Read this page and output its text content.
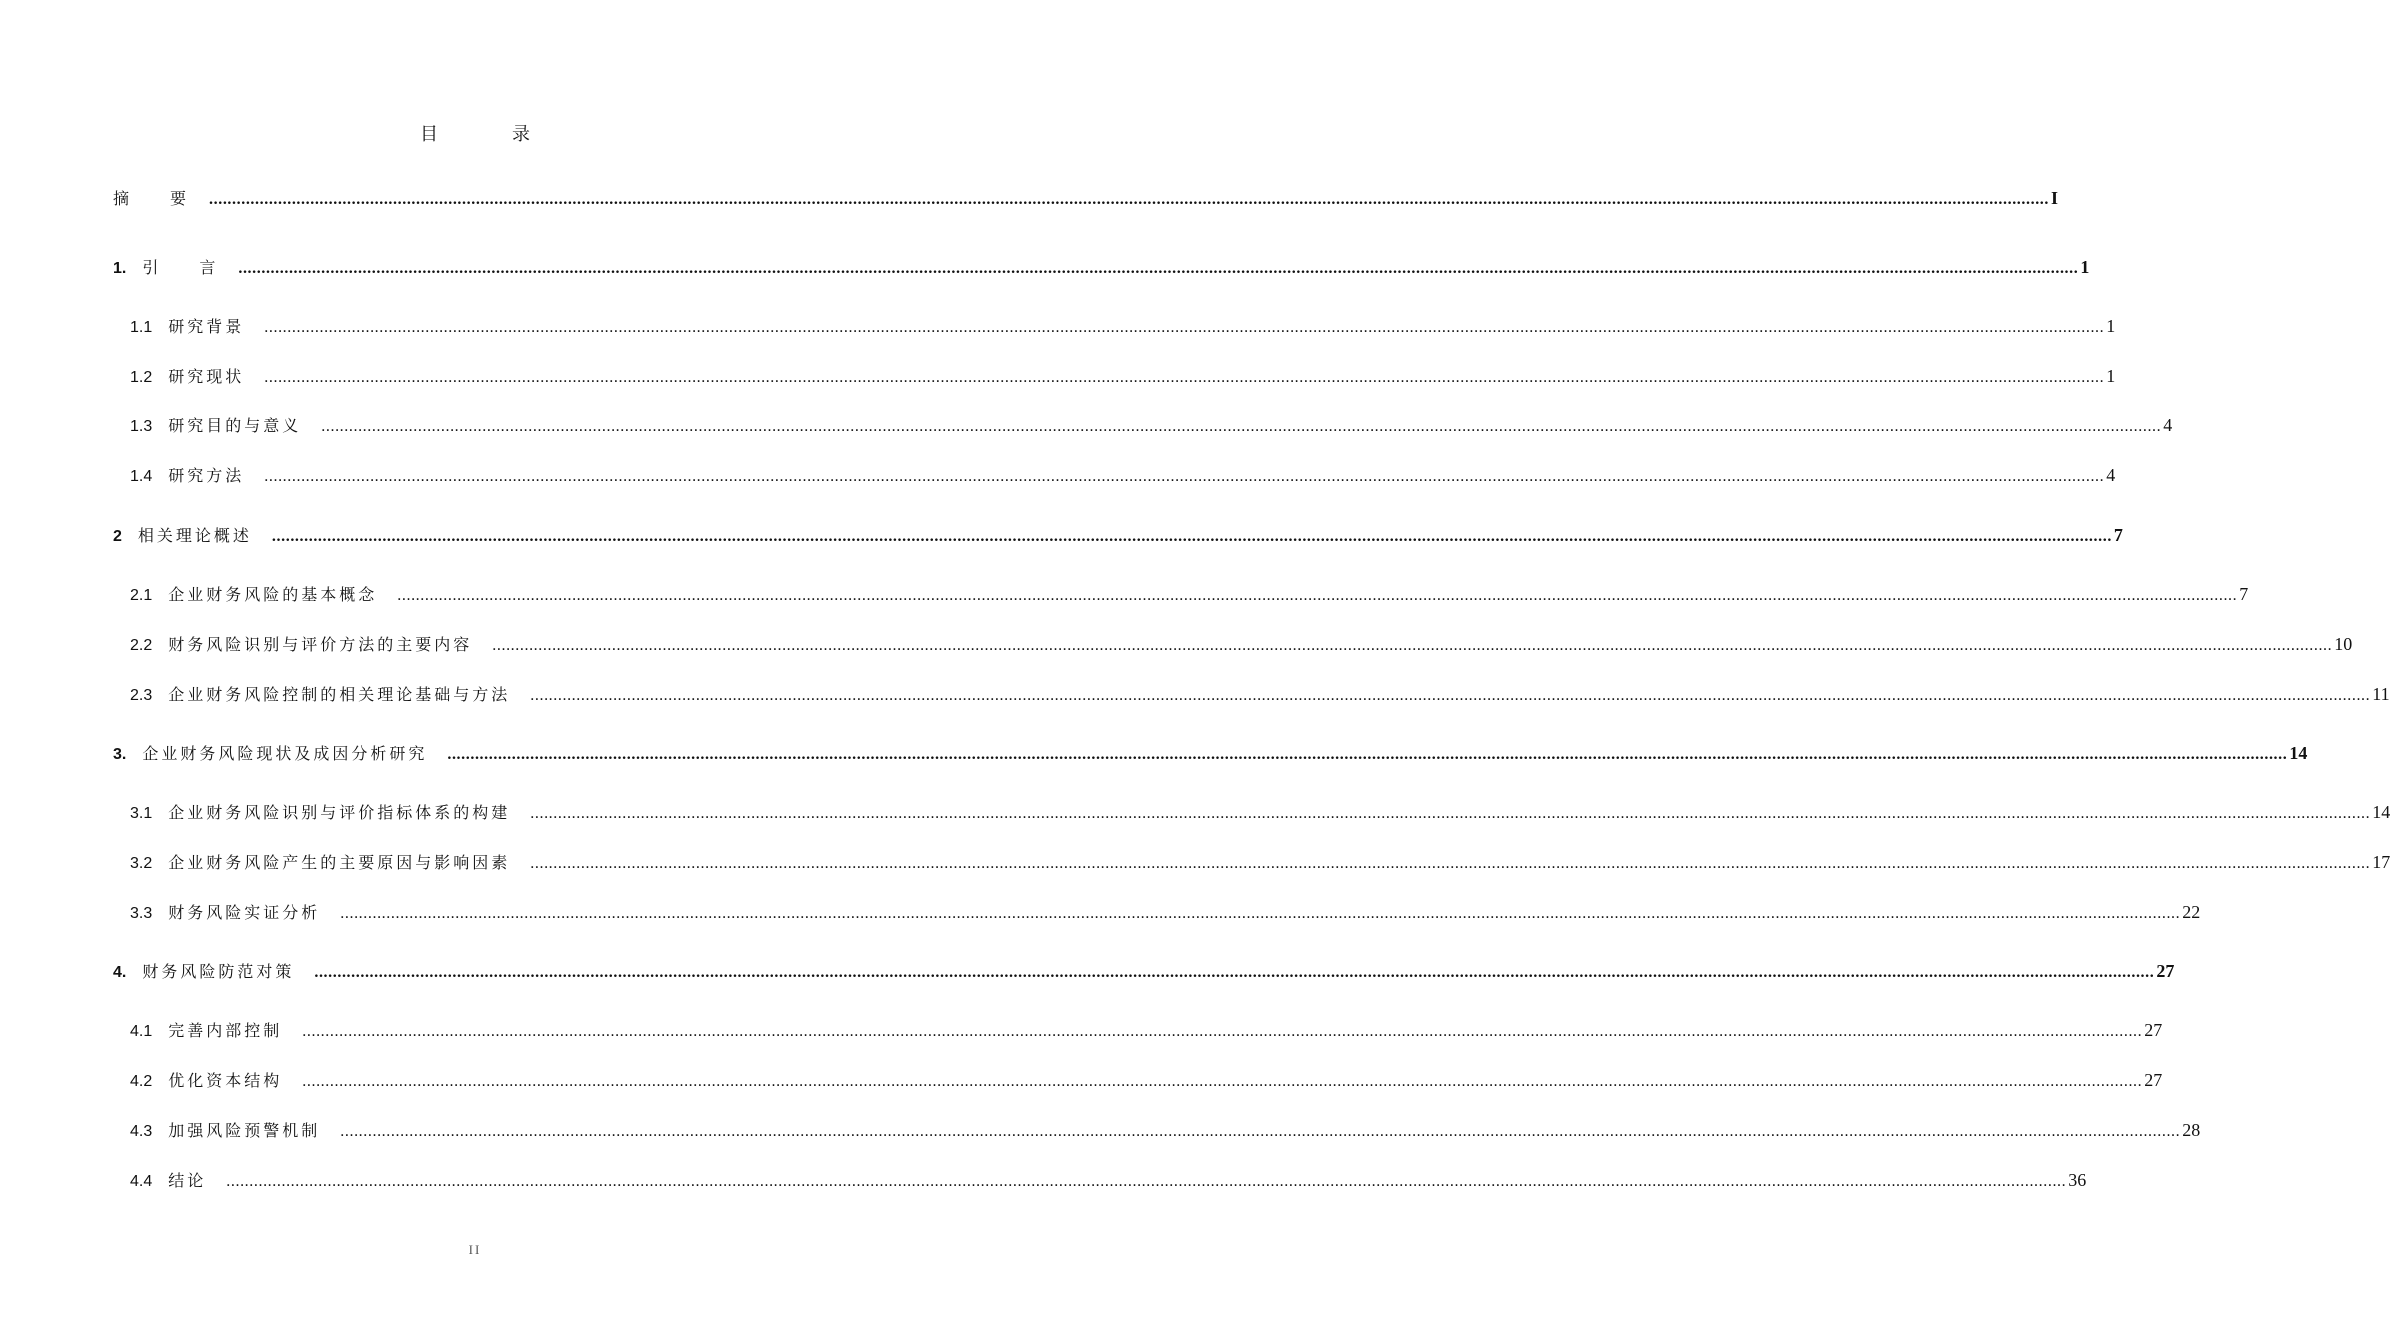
目　录
摘　　要 ................................................................................................................................................................................................................................................................................................................................................................................................................ I
1. 引　　言 ................................................................................................................................................................................................................................................................................................................................................................................................................ 1
1.1 研究背景 ................................................................................................................................................................................................................................................................................................................................................................................................................ 1
1.2 研究现状 ................................................................................................................................................................................................................................................................................................................................................................................................................ 1
1.3 研究目的与意义 ................................................................................................................................................................................................................................................................................................................................................................................................................ 4
1.4 研究方法 ................................................................................................................................................................................................................................................................................................................................................................................................................ 4
2 相关理论概述 ................................................................................................................................................................................................................................................................................................................................................................................................................ 7
2.1 企业财务风险的基本概念 ................................................................................................................................................................................................................................................................................................................................................................................................................ 7
2.2 财务风险识别与评价方法的主要内容 ................................................................................................................................................................................................................................................................................................................................................................................................................ 10
2.3 企业财务风险控制的相关理论基础与方法 ................................................................................................................................................................................................................................................................................................................................................................................................................ 11
3. 企业财务风险现状及成因分析研究 ................................................................................................................................................................................................................................................................................................................................................................................................................ 14
3.1 企业财务风险识别与评价指标体系的构建 ................................................................................................................................................................................................................................................................................................................................................................................................................ 14
3.2 企业财务风险产生的主要原因与影响因素 ................................................................................................................................................................................................................................................................................................................................................................................................................ 17
3.3 财务风险实证分析 ................................................................................................................................................................................................................................................................................................................................................................................................................ 22
4. 财务风险防范对策 ................................................................................................................................................................................................................................................................................................................................................................................................................ 27
4.1 完善内部控制 ................................................................................................................................................................................................................................................................................................................................................................................................................ 27
4.2 优化资本结构 ................................................................................................................................................................................................................................................................................................................................................................................................................ 27
4.3 加强风险预警机制 ................................................................................................................................................................................................................................................................................................................................................................................................................ 28
4.4 结论 ................................................................................................................................................................................................................................................................................................................................................................................................................ 36
II
